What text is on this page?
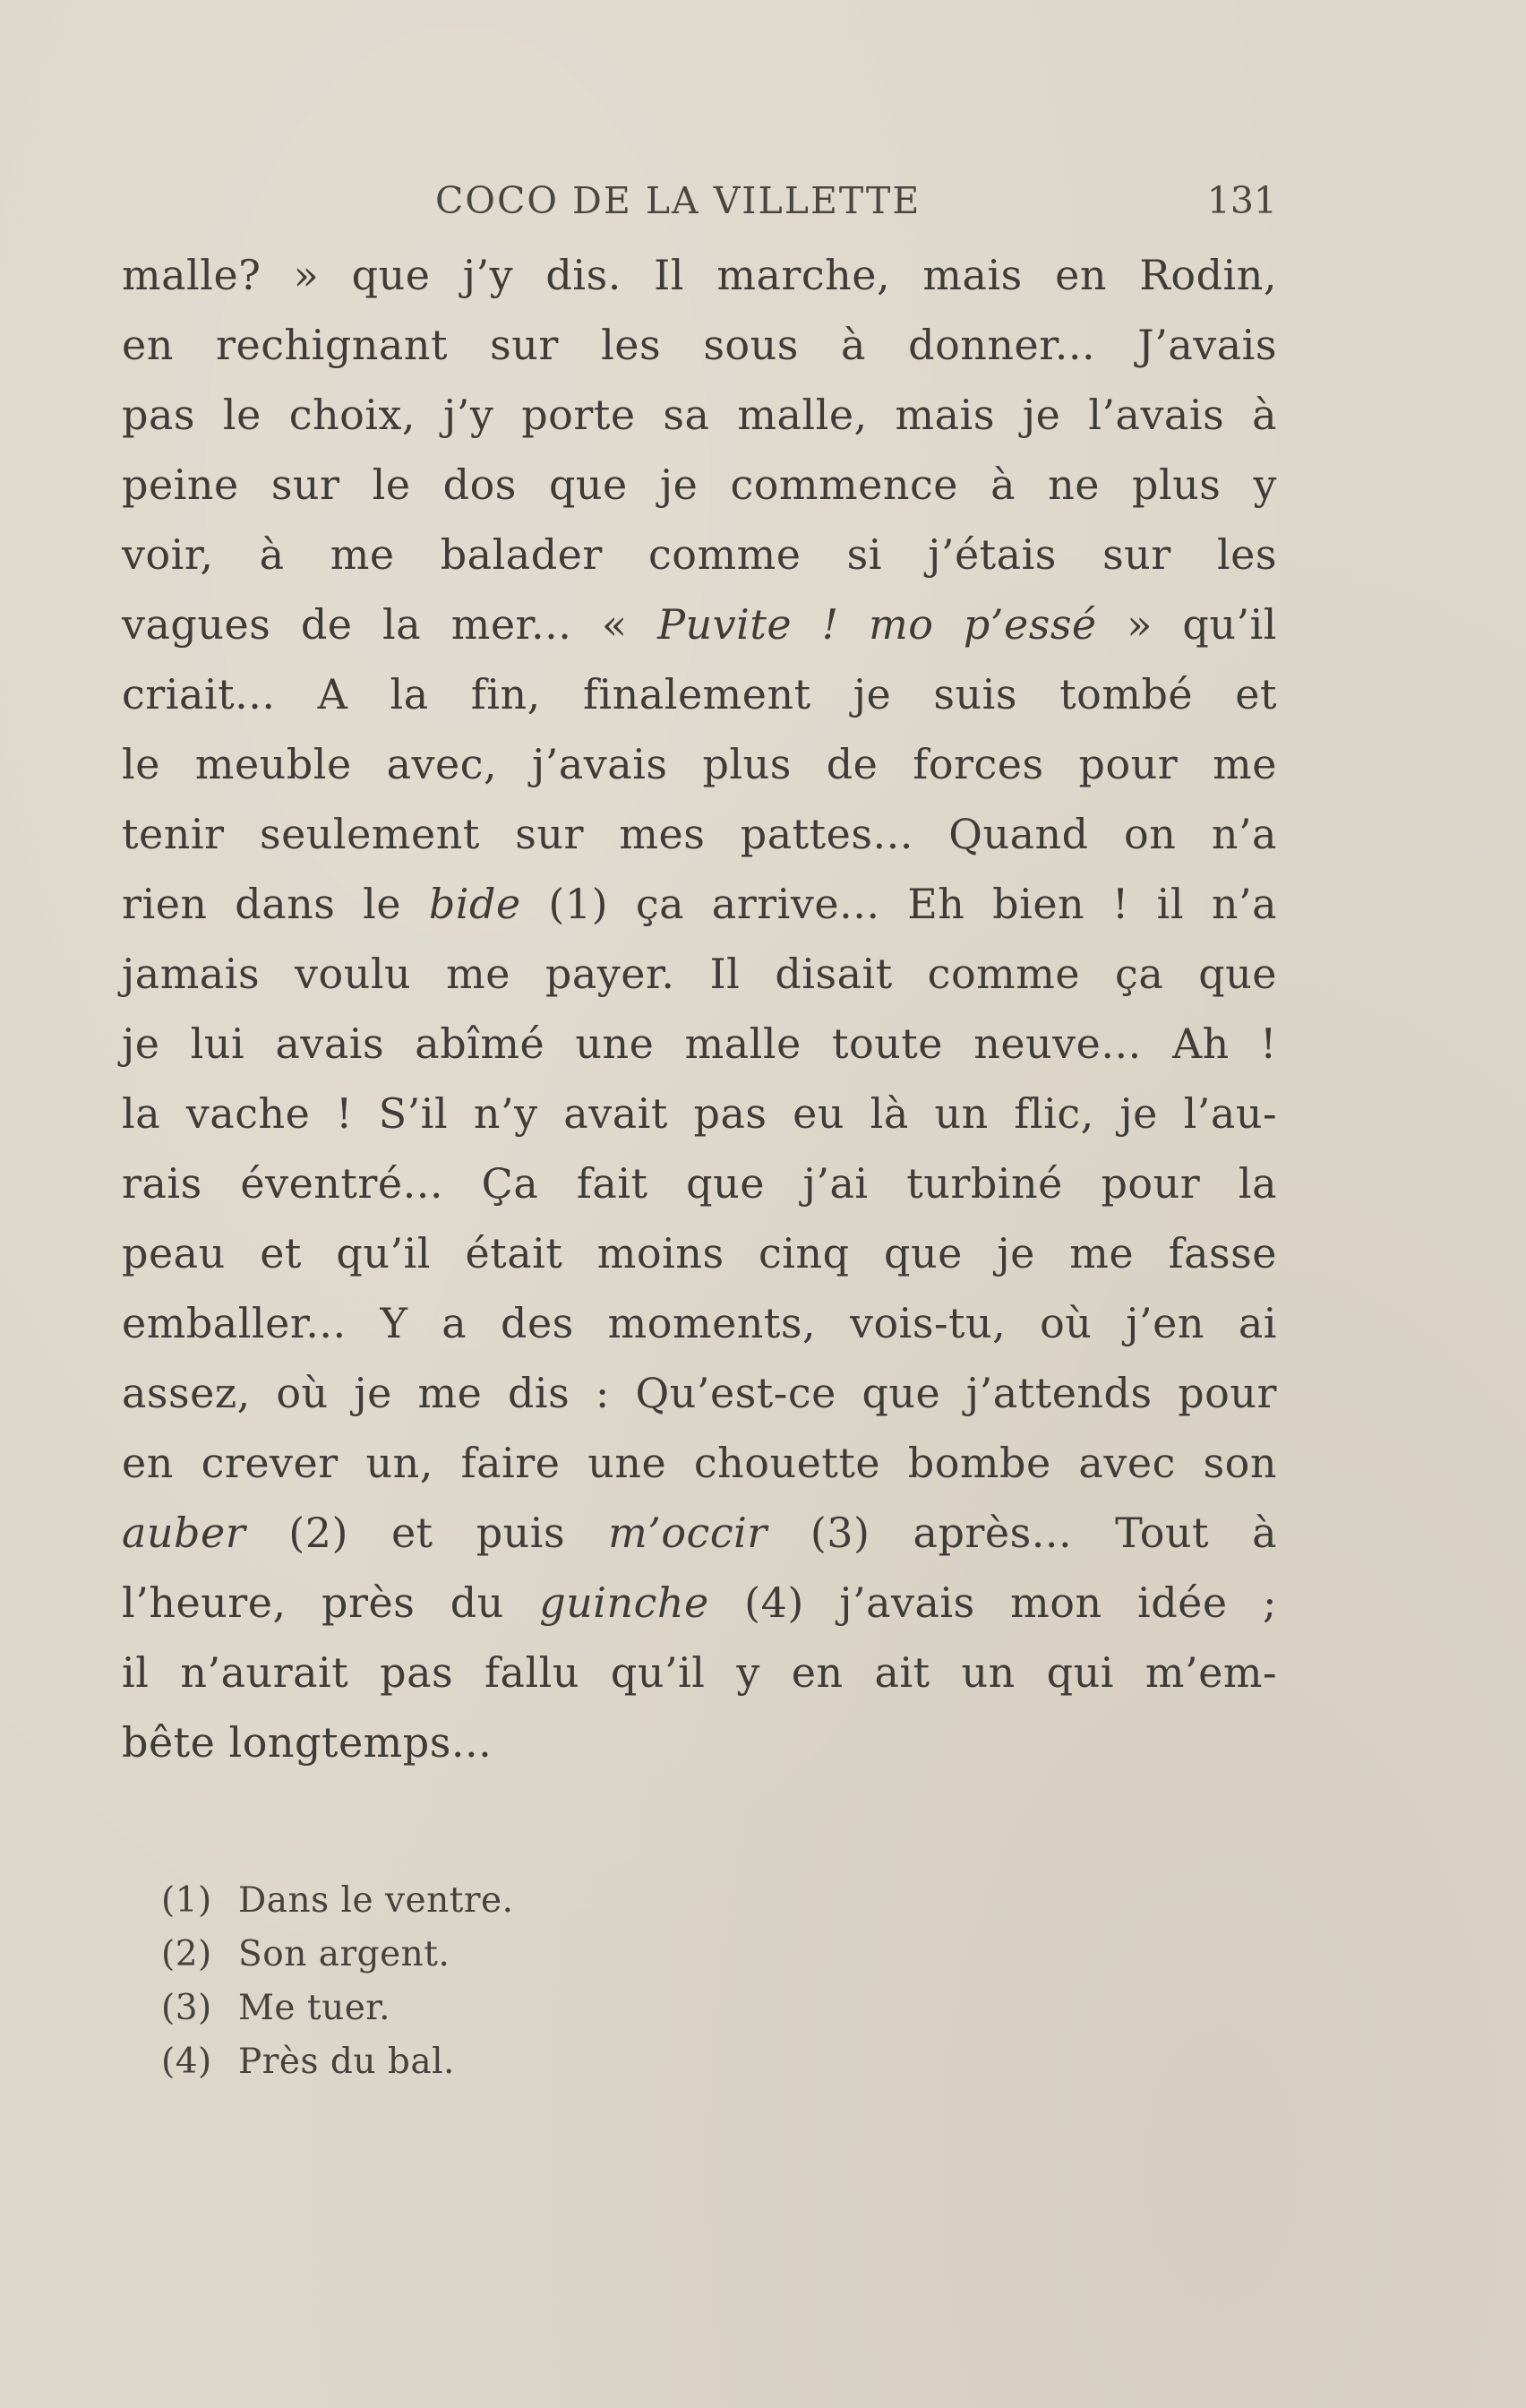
COCO DE LA VILLETTE	131
malle? » que j’y dis. Il marche, mais en Rodin,
en rechignant sur les sous à donner... J’avais
pas le choix, j’y porte sa malle, mais je l’avais à
peine sur le dos que je commence à ne plus y
voir, à me balader comme si j’étais sur les
vagues de la mer... « Puvite ! mo p’essé » qu’il
criait... A la fin, finalement je suis tombé et
le meuble avec, j’avais plus de forces pour me
tenir seulement sur mes pattes... Quand on n’a
rien dans le bide (1) ça arrive... Eh bien ! il n’a
jamais voulu me payer. Il disait comme ça que
je lui avais abîmé une malle toute neuve... Ah !
la vache ! S’il n’y avait pas eu là un flic, je l’au-
rais éventré... Ça fait que j’ai turbiné pour la
peau et qu’il était moins cinq que je me fasse
emballer... Y a des moments, vois-tu, où j’en ai
assez, où je me dis : Qu’est-ce que j’attends pour
en crever un, faire une chouette bombe avec son
auber (2) et puis m’occir (3) après... Tout à
l’heure, près du guinche (4) j’avais mon idée ;
il n’aurait pas fallu qu’il y en ait un qui m’em-
bête longtemps...
(1) Dans le ventre.
(2) Son argent.
(3) Me tuer.
(4) Près du bal.
